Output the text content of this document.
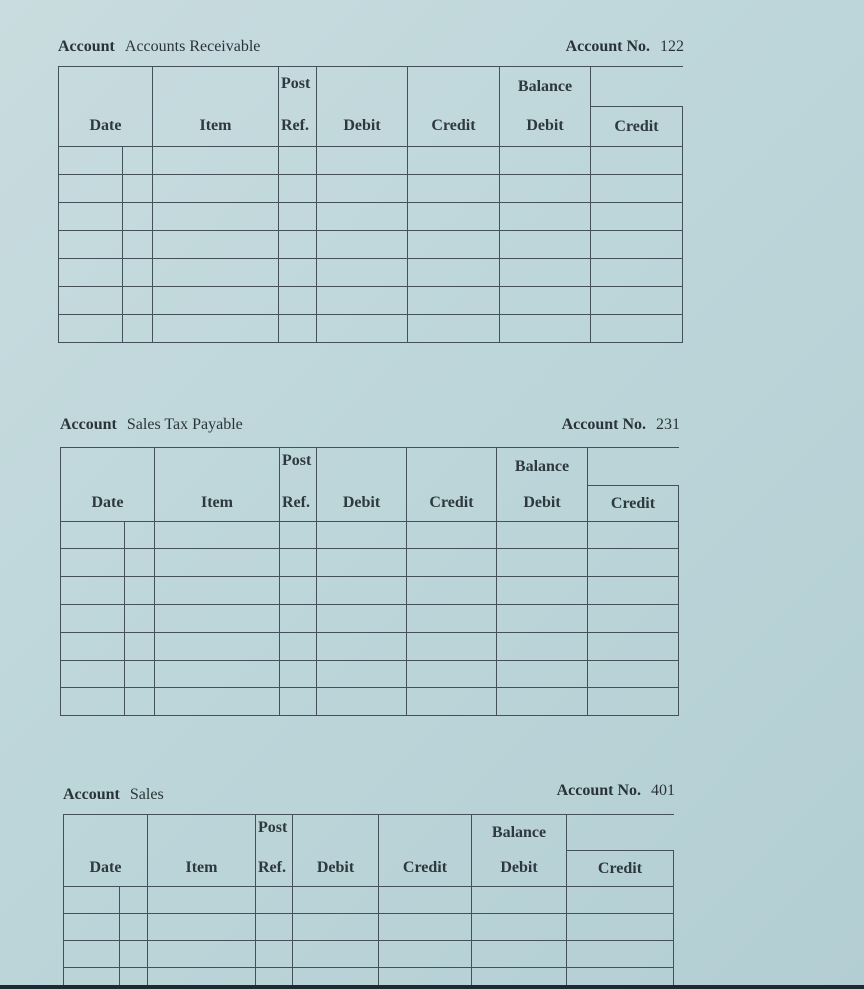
Account Accounts Receivable	Account No. 122
			Post			Balance	
Date		Item	Ref.	Debit	Credit	Debit	Credit

Account Sales Tax Payable	Account No. 231
			Post			Balance	
Date		Item	Ref.	Debit	Credit	Debit	Credit

Account Sales	Account No. 401
			Post			Balance	
Date		Item	Ref.	Debit	Credit	Debit	Credit
